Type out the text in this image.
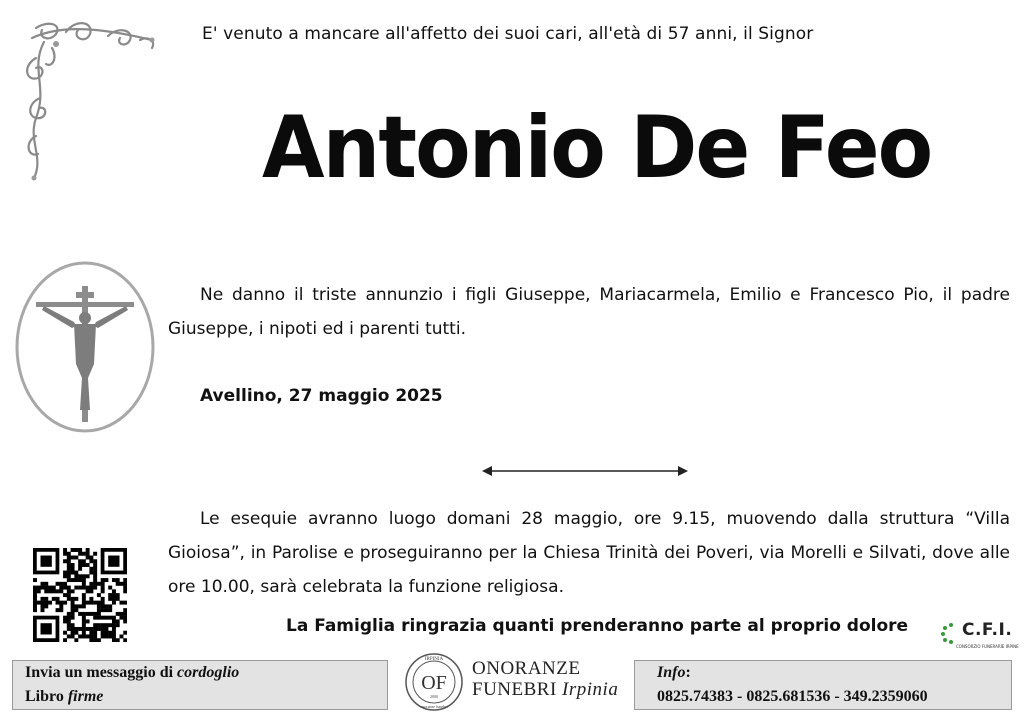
E' venuto a mancare all'affetto dei suoi cari, all'età di 57 anni, il Signor
Antonio De Feo
Ne danno il triste annunzio i figli Giuseppe, Mariacarmela, Emilio e Francesco Pio, il padre Giuseppe, i nipoti ed i parenti tutti.
Avellino, 27 maggio 2025
Le esequie avranno luogo domani 28 maggio, ore 9.15, muovendo dalla struttura “Villa Gioiosa”, in Parolise e proseguiranno per la Chiesa Trinità dei Poveri, via Morelli e Silvati, dove alle ore 10.00, sarà celebrata la funzione religiosa.
La Famiglia ringrazia quanti prenderanno parte al proprio dolore	C.F.I.
CONSORZIO FUNERARIE IRPINE
Invia un messaggio di cordoglio
Libro firme
IRPINIA
OF
2000
onoranze funebri
ONORANZE
FUNEBRI Irpinia
Info:
0825.74383 - 0825.681536 - 349.2359060
